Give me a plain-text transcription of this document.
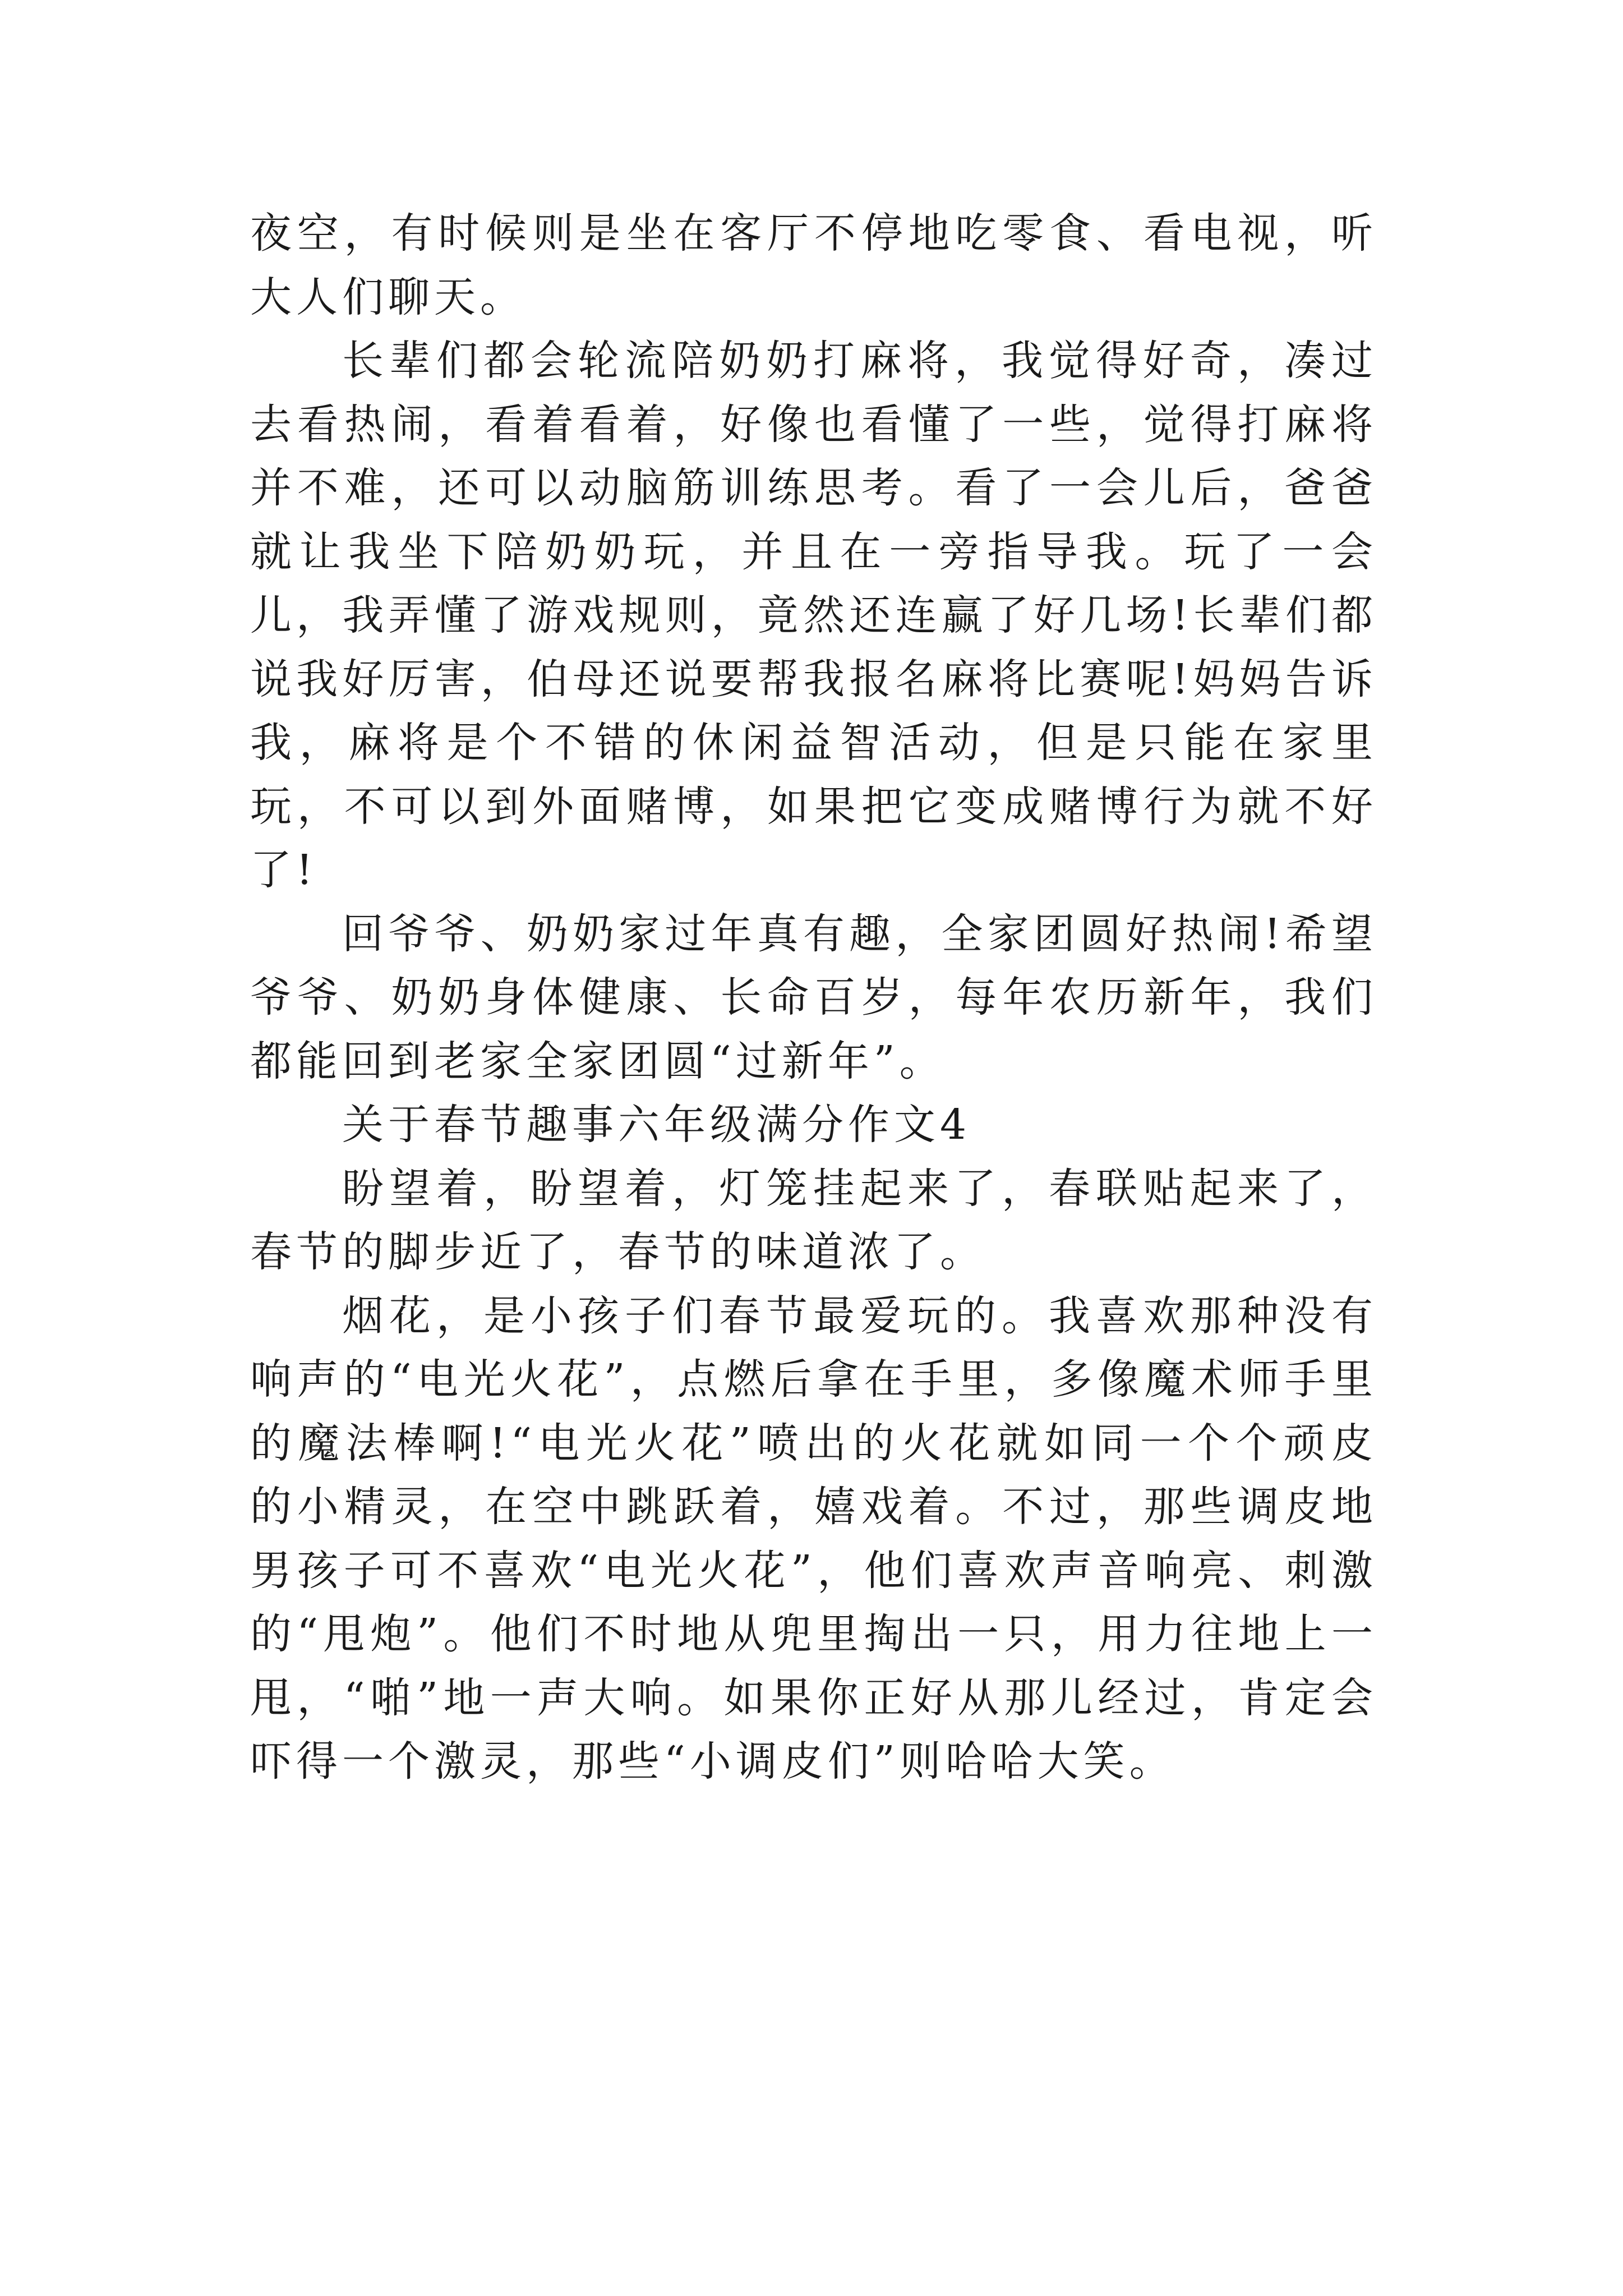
夜空，有时候则是坐在客厅不停地吃零食、看电视，听大人们聊天。

长辈们都会轮流陪奶奶打麻将，我觉得好奇，凑过去看热闹，看着看着，好像也看懂了一些，觉得打麻将并不难，还可以动脑筋训练思考。看了一会儿后，爸爸就让我坐下陪奶奶玩，并且在一旁指导我。玩了一会儿，我弄懂了游戏规则，竟然还连赢了好几场!长辈们都说我好厉害，伯母还说要帮我报名麻将比赛呢!妈妈告诉我，麻将是个不错的休闲益智活动，但是只能在家里玩，不可以到外面赌博，如果把它变成赌博行为就不好了!

回爷爷、奶奶家过年真有趣，全家团圆好热闹!希望爷爷、奶奶身体健康、长命百岁，每年农历新年，我们都能回到老家全家团圆“过新年”。

关于春节趣事六年级满分作文4

盼望着，盼望着，灯笼挂起来了，春联贴起来了，春节的脚步近了，春节的味道浓了。

烟花，是小孩子们春节最爱玩的。我喜欢那种没有响声的“电光火花”，点燃后拿在手里，多像魔术师手里的魔法棒啊!“电光火花”喷出的火花就如同一个个顽皮的小精灵，在空中跳跃着，嬉戏着。不过，那些调皮地男孩子可不喜欢“电光火花”，他们喜欢声音响亮、刺激的“甩炮”。他们不时地从兜里掏出一只，用力往地上一甩，“啪”地一声大响。如果你正好从那儿经过，肯定会吓得一个激灵，那些“小调皮们”则哈哈大笑。
